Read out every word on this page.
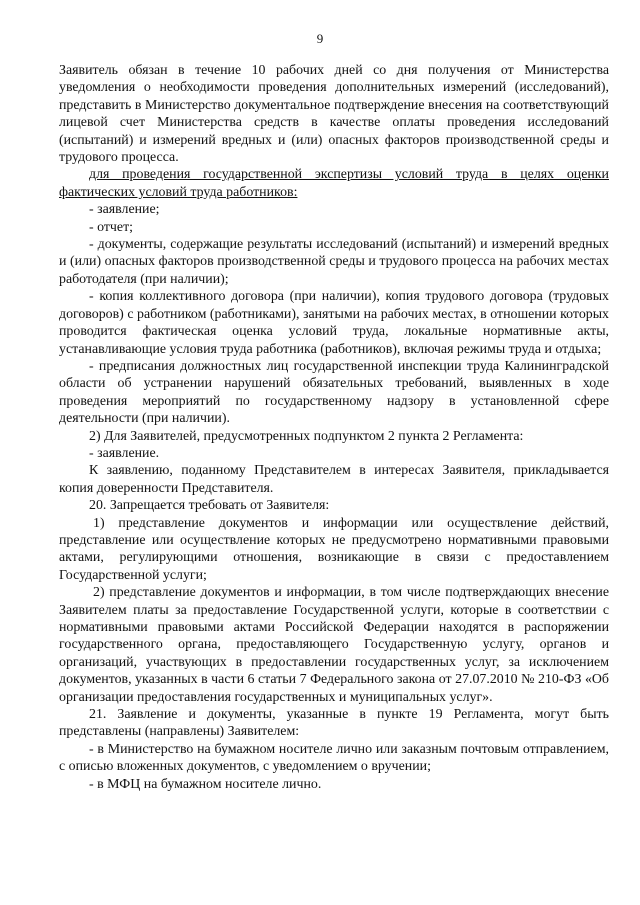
9

Заявитель обязан в течение 10 рабочих дней со дня получения от Министерства уведомления о необходимости проведения дополнительных измерений (исследований), представить в Министерство документальное подтверждение внесения на соответствующий лицевой счет Министерства средств в качестве оплаты проведения исследований (испытаний) и измерений вредных и (или) опасных факторов производственной среды и трудового процесса.

для проведения государственной экспертизы условий труда в целях оценки фактических условий труда работников:

- заявление;

- отчет;

- документы, содержащие результаты исследований (испытаний) и измерений вредных и (или) опасных факторов производственной среды и трудового процесса на рабочих местах работодателя (при наличии);

- копия коллективного договора (при наличии), копия трудового договора (трудовых договоров) с работником (работниками), занятыми на рабочих местах, в отношении которых проводится фактическая оценка условий труда, локальные нормативные акты, устанавливающие условия труда работника (работников), включая режимы труда и отдыха;

- предписания должностных лиц государственной инспекции труда Калининградской области об устранении нарушений обязательных требований, выявленных в ходе проведения мероприятий по государственному надзору в установленной сфере деятельности (при наличии).

2) Для Заявителей, предусмотренных подпунктом 2 пункта 2 Регламента:

- заявление.

К заявлению, поданному Представителем в интересах Заявителя, прикладывается копия доверенности Представителя.

20. Запрещается требовать от Заявителя:

1) представление документов и информации или осуществление действий, представление или осуществление которых не предусмотрено нормативными правовыми актами, регулирующими отношения, возникающие в связи с предоставлением Государственной услуги;

2) представление документов и информации, в том числе подтверждающих внесение Заявителем платы за предоставление Государственной услуги, которые в соответствии с нормативными правовыми актами Российской Федерации находятся в распоряжении государственного органа, предоставляющего Государственную услугу, органов и организаций, участвующих в предоставлении государственных услуг, за исключением документов, указанных в части 6 статьи 7 Федерального закона от 27.07.2010 № 210-ФЗ «Об организации предоставления государственных и муниципальных услуг».

21. Заявление и документы, указанные в пункте 19 Регламента, могут быть представлены (направлены) Заявителем:

- в Министерство на бумажном носителе лично или заказным почтовым отправлением, с описью вложенных документов, с уведомлением о вручении;

- в МФЦ на бумажном носителе лично.
